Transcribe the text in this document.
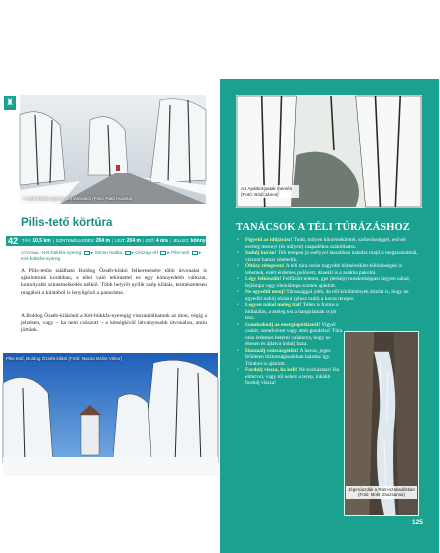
♜
A Két-bükkfa-nyereg téli látnivalói (Fotó: Pató Huanta)
Pilis-tető körtúra
42 TÁV:
10,5 km | SZINTEMELKEDÉS:
204 m | LEJT:
204 m | IDŐ:
4 óra | JELLEG:
könnyű
ÚTVONAL: Két-bükkfa-nyereg ▸ Simon halála ▸ Ország-rét ▸ Pilis-tető ▸ Két-bükkfa-nyereg

A Pilis-tetőn található Boldog Özséb-kilátó felkeresésére több útvonalat is ajánlottunk korábban, a téleì való tekintettel ez egy könnyedebb változat, komolyabb szintemelkedés nélkül. Több helyről nyílik szép kilátás, természetesen magából a kilátóból is lenyűgöző a panoráma.

A Boldog Özséb-kilátótól a Két-bükkfa-nyeregig visszaútálhatunk az úton, végig a jelzésen, vagy – ha nem csúszott – a kétségkívül látványosabb útvonalon, amin jöttünk.

Pilis-tető, Boldog Özséb-kilátó (Fotó: Nacsa Bálint Viktor)
Az Apátkút-patak mentén (Fotó: Bódi János)
TANÁCSOK A TÉLI TÚRÁZÁSHOZ
• Figyeld az időjárást! Tudd, milyen hőmérséklettel, szélerősséggel, esővel esetleg mennyi (és milyen) csapadékra számíthatsz.
• Indulj korán! Téli terepen jó esélyyel lassabban haladsz majd a megszokottnál, viszont hamar sötétedik.
• Öltözz rétegesen! A téli túra során nagyobb hőmérséklet-különbségek is lehetnek, ezért érdemes pulóvert, dzsekit is a zsákba pakolni.
• Légy felkészült! Felfűzött teleton, gps (térkép) mindenképpen legyen nálad, fejlámpa vagy elemlámpa szintén ajánlott.
• Ne egyedül menj! Társasággal jobb, de téli körülmények között is, hogy ne egyedül indulj túrázni (plusz tudd) a havas terepre.
• Legyen nálad meleg ital! Télen is fontos a hidratálás, a meleg tea a hangulatnak is jót tesz.
• Gondoskodj az energiapótlásról! Vigyél csokit, szendvicset vagy amit gondolsz! Túra után érdemes betérni valahova, hogy ne éhesen és ájtatva indulj haza.
• Használj csúszásgátlót! A havas, jeges felületen biztonságosabban haladsz így. Túrabot is ajánlott.
• Fordulj vissza, ha kell! Ne kockáztass! Ha eldurvul, vagy túl nehéz a terep, inkább fordulj vissza!
Jégcsúszdák a Rám-szakadékban (Fotó: Mohr Zsuzsanna)
125
